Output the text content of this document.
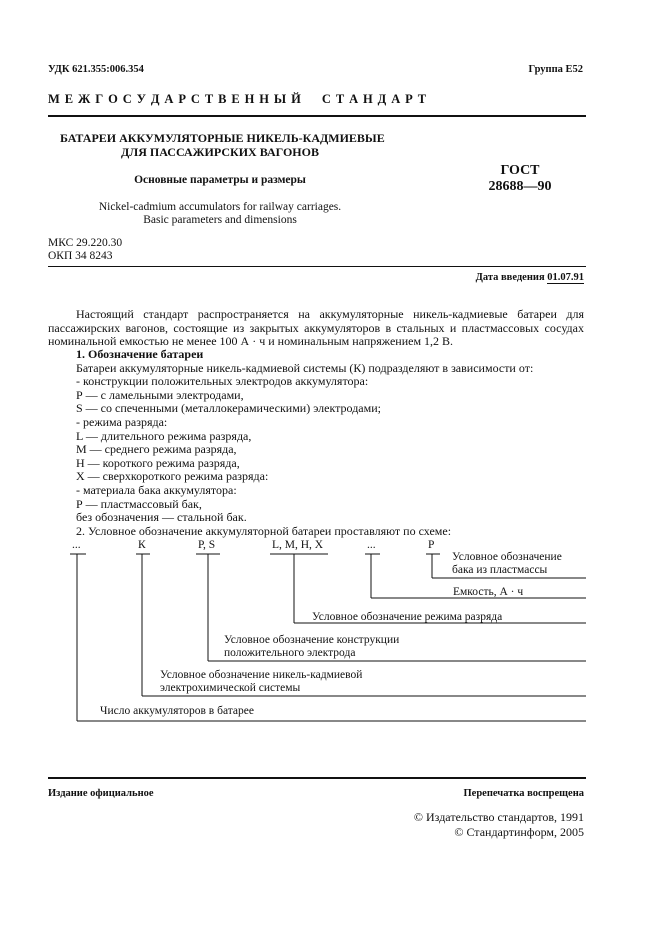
УДК 621.355:006.354	Группа Е52
М Е Ж Г О С У Д А Р С Т В Е Н Н Ы Й     С Т А Н Д А Р Т
БАТАРЕИ АККУМУЛЯТОРНЫЕ НИКЕЛЬ-КАДМИЕВЫЕ
ДЛЯ ПАССАЖИРСКИХ ВАГОНОВ
Основные параметры и размеры
Nickel-cadmium accumulators for railway carriages.
Basic parameters and dimensions
ГОСТ
28688—90
МКС 29.220.30
ОКП 34 8243
Дата введения 01.07.91
Настоящий стандарт распространяется на аккумуляторные никель-кадмиевые батареи для
пассажирских вагонов, состоящие из закрытых аккумуляторов в стальных и пластмассовых сосудах
номинальной емкостью не менее 100 А · ч и номинальным напряжением 1,2 В.
1. Обозначение батареи
Батареи аккумуляторные никель-кадмиевой системы (К) подразделяют в зависимости от:
- конструкции положительных электродов аккумулятора:
Р — с ламельными электродами,
S — со спеченными (металлокерамическими) электродами;
- режима разряда:
L — длительного режима разряда,
М — среднего режима разряда,
Н — короткого режима разряда,
X — сверхкороткого режима разряда:
- материала бака аккумулятора:
Р — пластмассовый бак,
без обозначения — стальной бак.
2. Условное обозначение аккумуляторной батареи проставляют по схеме:
...	К	Р, S	L, М, Н, X	...	Р
Условное обозначение
бака из пластмассы
Емкость, А · ч
Условное обозначение режима разряда
Условное обозначение конструкции
положительного электрода
Условное обозначение никель-кадмиевой
электрохимической системы
Число аккумуляторов в батарее
Издание официальное	Перепечатка воспрещена
© Издательство стандартов, 1991
© Стандартинформ, 2005
